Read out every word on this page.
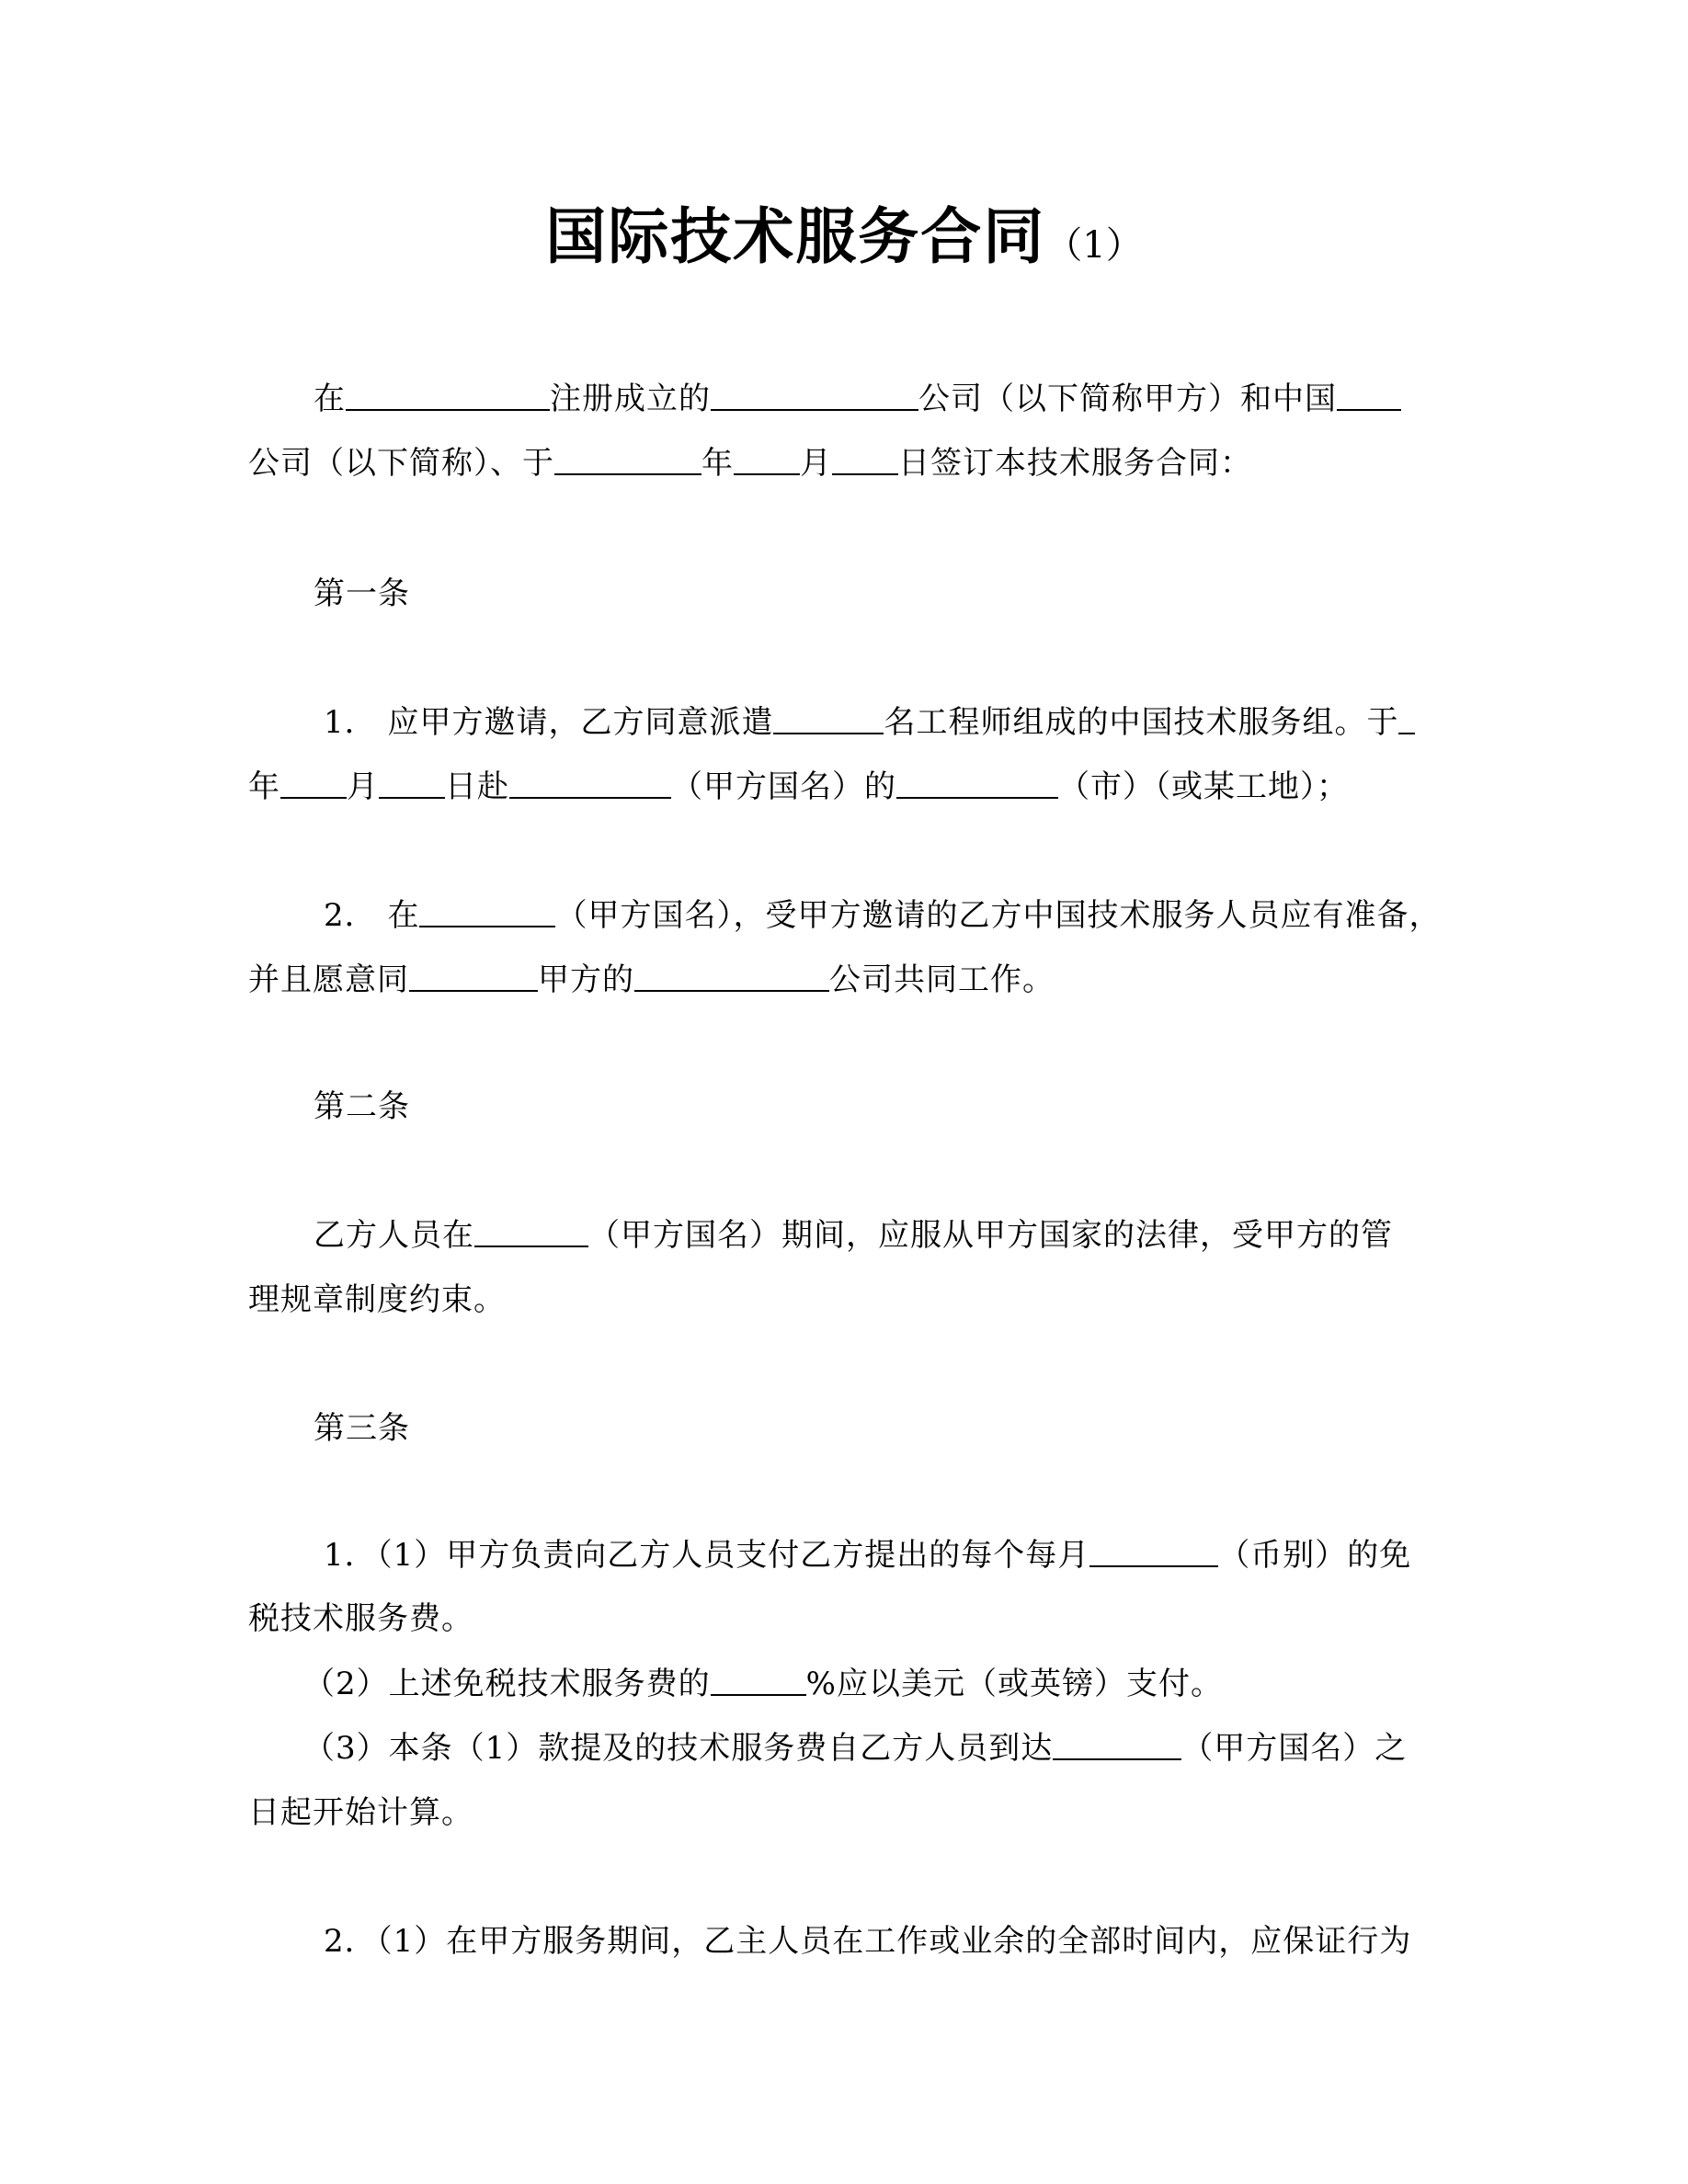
国际技术服务合同（1）
在	注册成立的	公司（以下简称甲方）和中国
公司（以下简称）、于	年 月 日签订本技术服务合同：
第一条
1． 应甲方邀请，乙方同意派遣	名工程师组成的中国技术服务组。于
年 月 日赴	（甲方国名）的	（市）（或某工地）；
2． 在	（甲方国名），受甲方邀请的乙方中国技术服务人员应有准备，
并且愿意同	甲方的	公司共同工作。
第二条
乙方人员在	（甲方国名）期间，应服从甲方国家的法律，受甲方的管
理规章制度约束。
第三条
1．（1）甲方负责向乙方人员支付乙方提出的每个每月	（币别）的免
税技术服务费。
（2）上述免税技术服务费的	%应以美元（或英镑）支付。
（3）本条（1）款提及的技术服务费自乙方人员到达	（甲方国名）之
日起开始计算。
2．（1）在甲方服务期间，乙主人员在工作或业余的全部时间内，应保证行为
